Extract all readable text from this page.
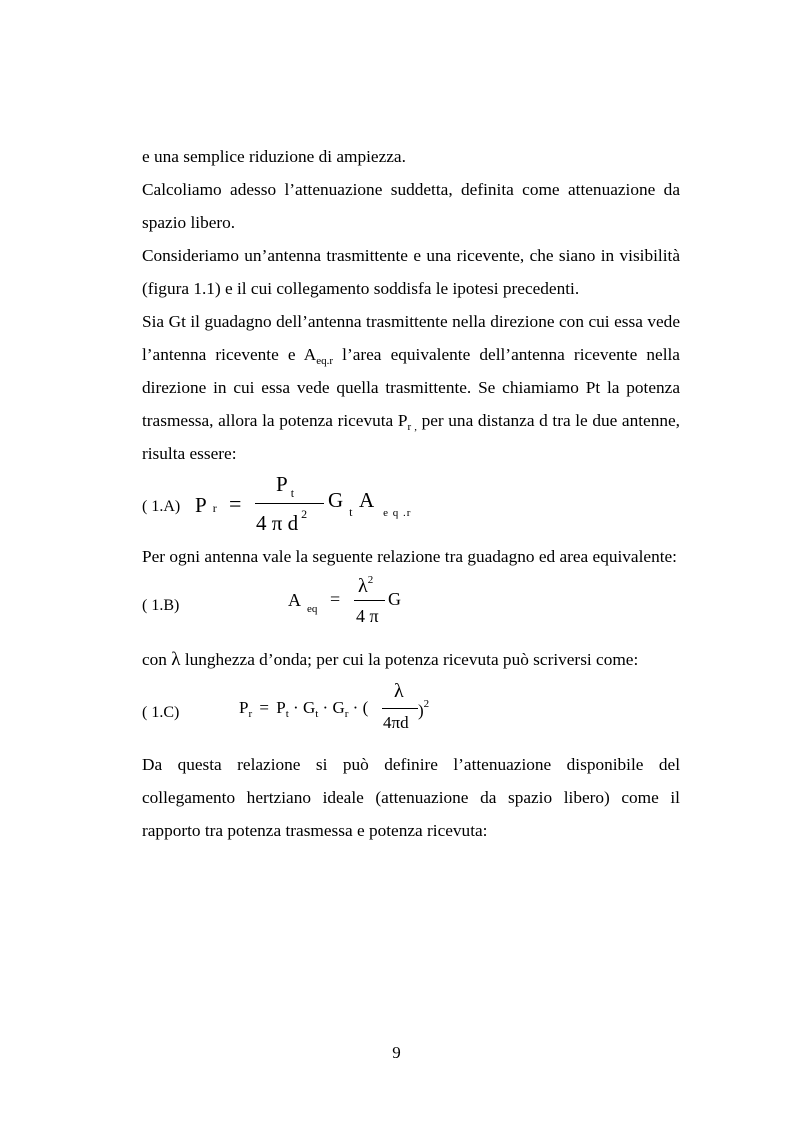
e una semplice riduzione di ampiezza.

Calcoliamo adesso l’attenuazione suddetta, definita come attenuazione da spazio libero.

Consideriamo un’antenna trasmittente e una ricevente, che siano in visibilità (figura 1.1) e il cui collegamento soddisfa le ipotesi precedenti.

Sia Gt il guadagno dell’antenna trasmittente nella direzione con cui essa vede l’antenna ricevente e $A_{eq.r}$ l’area equivalente dell’antenna ricevente nella direzione in cui essa vede quella trasmittente. Se chiamiamo Pt la potenza trasmessa, allora la potenza ricevuta $P_{r ,}$ per una distanza d tra le due antenne, risulta essere:

( 1.A) Pr =
P $_t$
4 π d $^2$
G $_t$ $A_{e q .r}$

Per ogni antenna vale la seguente relazione tra guadagno ed area equivalente:

( 1.B)	A $_{eq}$ =
$\lambda^2$
4 π
G

con λ lunghezza d’onda; per cui la potenza ricevuta può scriversi come:

( 1.C)	$P_r = P_t \cdot G_t \cdot G_r$ · (
λ
4πd
)$^2$

Da questa relazione si può definire l’attenuazione disponibile del collegamento hertziano ideale (attenuazione da spazio libero) come il rapporto tra potenza trasmessa e potenza ricevuta:

9
